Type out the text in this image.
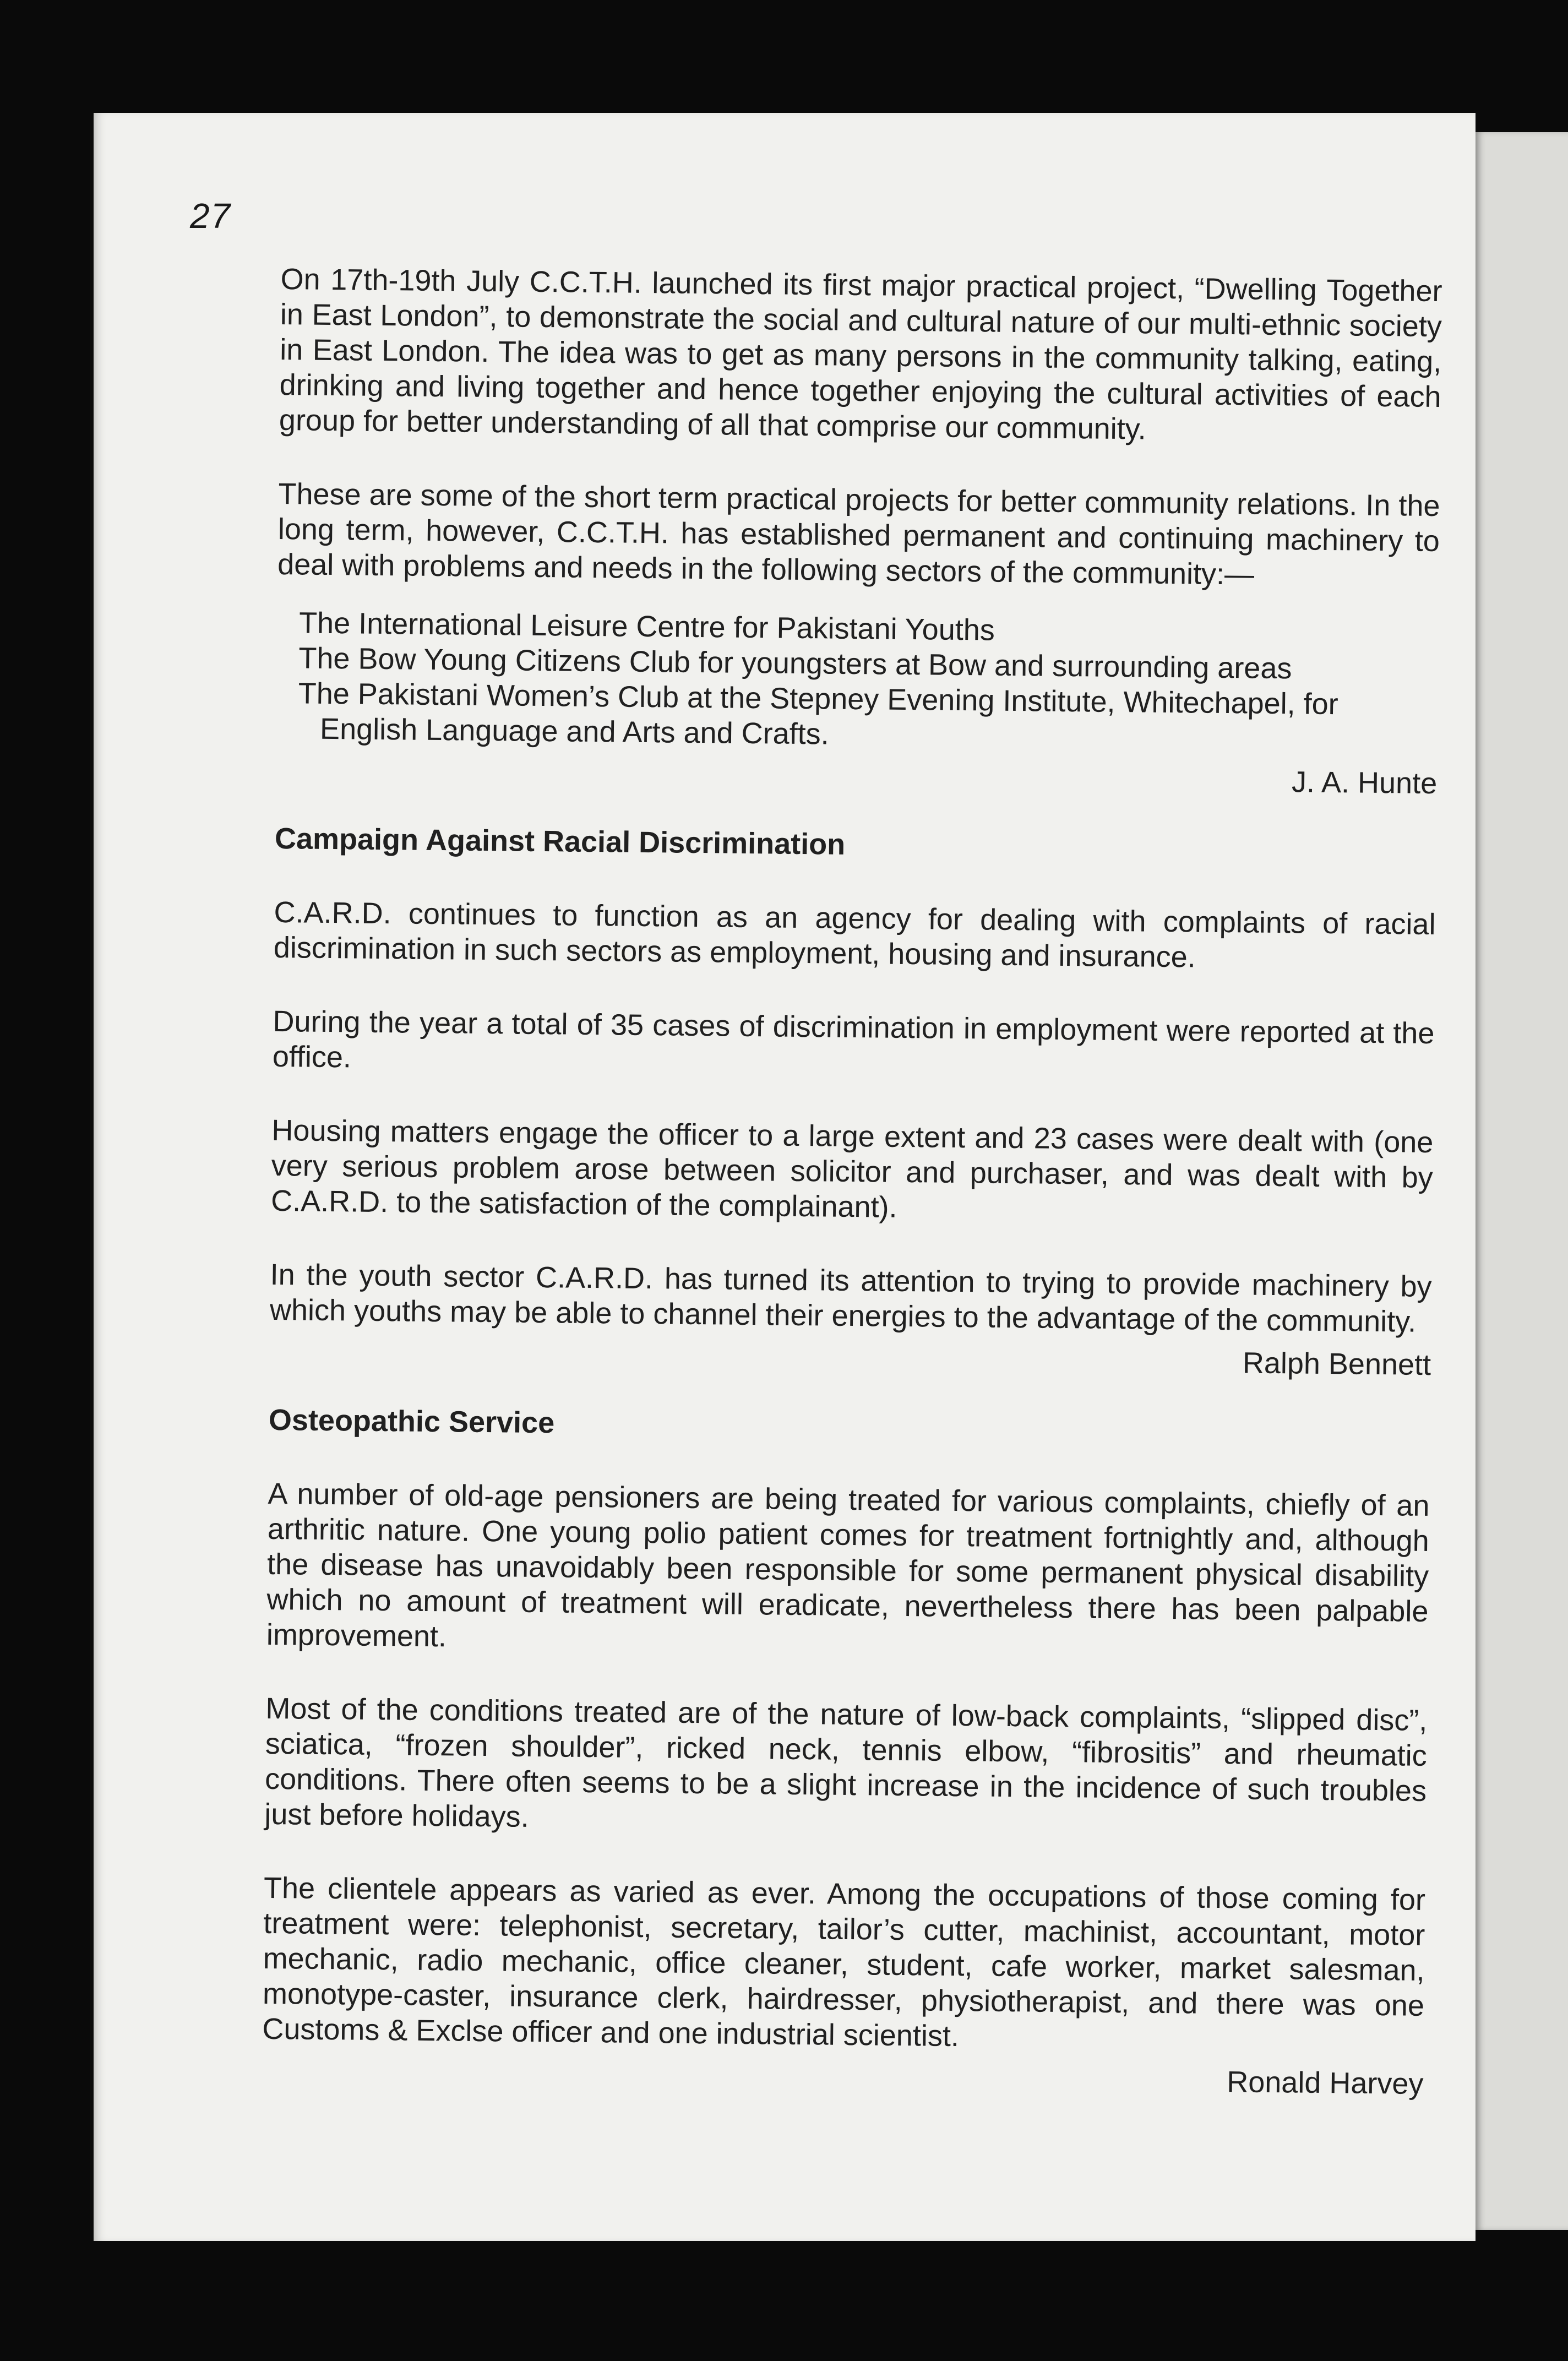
27

On 17th-19th July C.C.T.H. launched its first major practical project, “Dwelling Together in East London”, to demonstrate the social and cultural nature of our multi-ethnic society in East London. The idea was to get as many persons in the community talking, eating, drinking and living together and hence together enjoying the cultural activities of each group for better understanding of all that comprise our community.

These are some of the short term practical projects for better community relations. In the long term, however, C.C.T.H. has established permanent and continuing machinery to deal with problems and needs in the following sectors of the community:—

The International Leisure Centre for Pakistani Youths

The Bow Young Citizens Club for youngsters at Bow and surrounding areas

The Pakistani Women’s Club at the Stepney Evening Institute, Whitechapel, for English Language and Arts and Crafts.

J. A. Hunte

Campaign Against Racial Discrimination

C.A.R.D. continues to function as an agency for dealing with complaints of racial discrimination in such sectors as employment, housing and insurance.

During the year a total of 35 cases of discrimination in employment were reported at the office.

Housing matters engage the officer to a large extent and 23 cases were dealt with (one very serious problem arose between solicitor and purchaser, and was dealt with by C.A.R.D. to the satisfaction of the complainant).

In the youth sector C.A.R.D. has turned its attention to trying to provide machinery by which youths may be able to channel their energies to the advantage of the community.

Ralph Bennett

Osteopathic Service

A number of old-age pensioners are being treated for various complaints, chiefly of an arthritic nature. One young polio patient comes for treatment fortnightly and, although the disease has unavoidably been responsible for some permanent physical disability which no amount of treatment will eradicate, nevertheless there has been palpable improvement.

Most of the conditions treated are of the nature of low-back complaints, “slipped disc”, sciatica, “frozen shoulder”, ricked neck, tennis elbow, “fibrositis” and rheumatic conditions. There often seems to be a slight increase in the incidence of such troubles just before holidays.

The clientele appears as varied as ever. Among the occupations of those coming for treatment were: telephonist, secretary, tailor’s cutter, machinist, accountant, motor mechanic, radio mechanic, office cleaner, student, cafe worker, market salesman, monotype-caster, insurance clerk, hairdresser, physiotherapist, and there was one Customs & Exclse officer and one industrial scientist.

Ronald Harvey
